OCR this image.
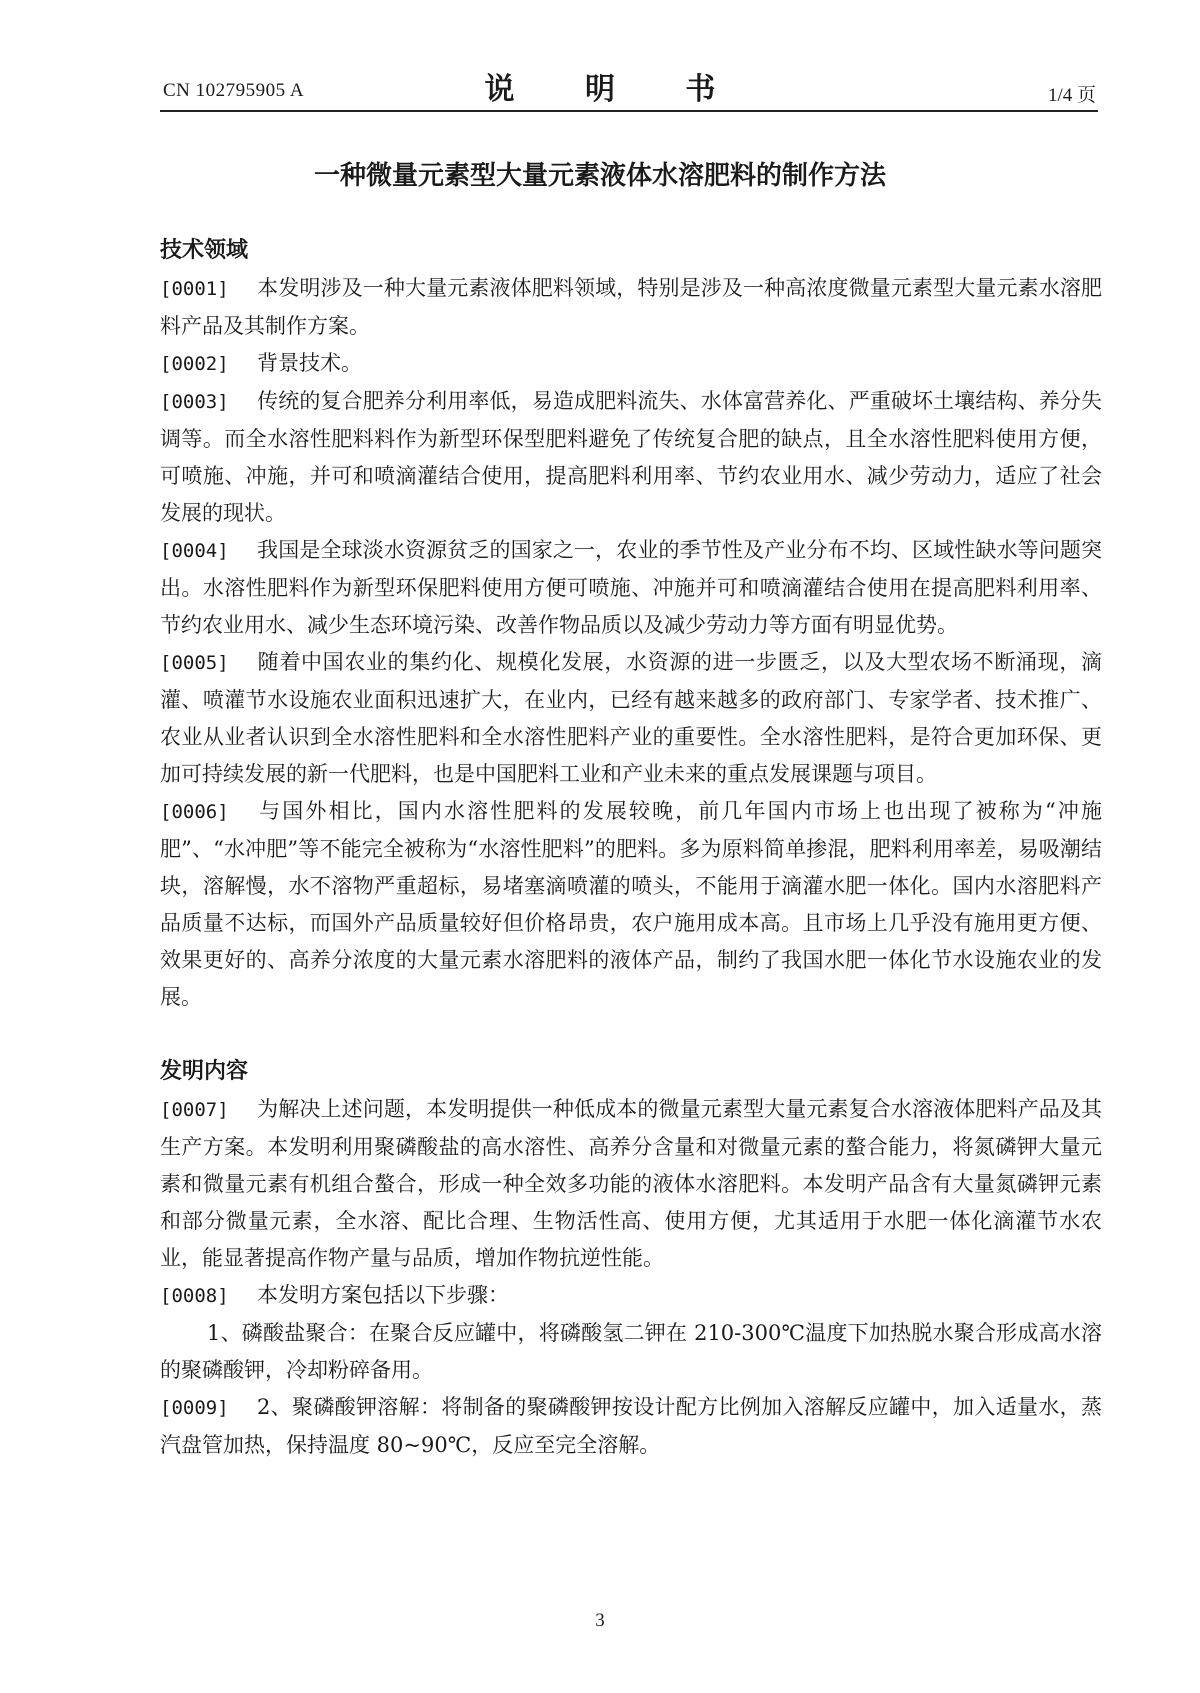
CN 102795905 A	说 明 书	1/4 页
一种微量元素型大量元素液体水溶肥料的制作方法
技术领域
[0001] 本发明涉及一种大量元素液体肥料领域，特别是涉及一种高浓度微量元素型大量元素水溶肥料产品及其制作方案。
[0002] 背景技术。
[0003] 传统的复合肥养分利用率低，易造成肥料流失、水体富营养化、严重破坏土壤结构、养分失调等。而全水溶性肥料料作为新型环保型肥料避免了传统复合肥的缺点，且全水溶性肥料使用方便，可喷施、冲施，并可和喷滴灌结合使用，提高肥料利用率、节约农业用水、减少劳动力，适应了社会发展的现状。
[0004] 我国是全球淡水资源贫乏的国家之一，农业的季节性及产业分布不均、区域性缺水等问题突出。水溶性肥料作为新型环保肥料使用方便可喷施、冲施并可和喷滴灌结合使用在提高肥料利用率、节约农业用水、减少生态环境污染、改善作物品质以及减少劳动力等方面有明显优势。
[0005] 随着中国农业的集约化、规模化发展，水资源的进一步匮乏，以及大型农场不断涌现，滴灌、喷灌节水设施农业面积迅速扩大，在业内，已经有越来越多的政府部门、专家学者、技术推广、农业从业者认识到全水溶性肥料和全水溶性肥料产业的重要性。全水溶性肥料，是符合更加环保、更加可持续发展的新一代肥料，也是中国肥料工业和产业未来的重点发展课题与项目。
[0006] 与国外相比，国内水溶性肥料的发展较晚，前几年国内市场上也出现了被称为“冲施肥”、“水冲肥”等不能完全被称为“水溶性肥料”的肥料。多为原料简单掺混，肥料利用率差，易吸潮结块，溶解慢，水不溶物严重超标，易堵塞滴喷灌的喷头，不能用于滴灌水肥一体化。国内水溶肥料产品质量不达标，而国外产品质量较好但价格昂贵，农户施用成本高。且市场上几乎没有施用更方便、效果更好的、高养分浓度的大量元素水溶肥料的液体产品，制约了我国水肥一体化节水设施农业的发展。
发明内容
[0007] 为解决上述问题，本发明提供一种低成本的微量元素型大量元素复合水溶液体肥料产品及其生产方案。本发明利用聚磷酸盐的高水溶性、高养分含量和对微量元素的螯合能力，将氮磷钾大量元素和微量元素有机组合螯合，形成一种全效多功能的液体水溶肥料。本发明产品含有大量氮磷钾元素和部分微量元素，全水溶、配比合理、生物活性高、使用方便，尤其适用于水肥一体化滴灌节水农业，能显著提高作物产量与品质，增加作物抗逆性能。
[0008] 本发明方案包括以下步骤：
1、磷酸盐聚合：在聚合反应罐中，将磷酸氢二钾在 210-300℃温度下加热脱水聚合形成高水溶的聚磷酸钾，冷却粉碎备用。
[0009] 2、聚磷酸钾溶解：将制备的聚磷酸钾按设计配方比例加入溶解反应罐中，加入适量水，蒸汽盘管加热，保持温度 80~90℃，反应至完全溶解。
3
